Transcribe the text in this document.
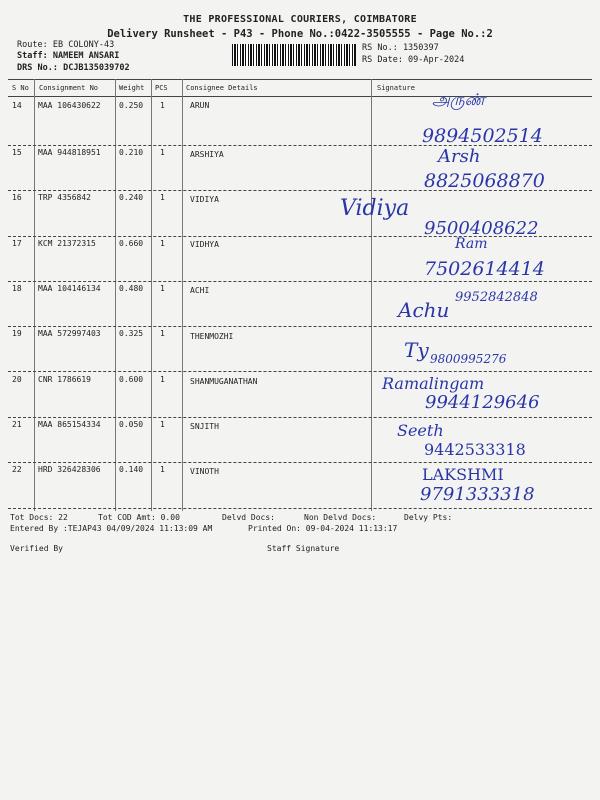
THE PROFESSIONAL COURIERS, COIMBATORE
Delivery Runsheet - P43 - Phone No.:0422-3505555 - Page No.:2
Route: EB COLONY-43
Staff: NAMEEM ANSARI
DRS No.: DCJB135039702
RS No.: 1350397
RS Date: 09-Apr-2024
S No Consignment No	Weight PCS	Consignee Details	Signature
14 MAA 106430622 0.250 1	ARUN	அருண்
9894502514
15 MAA 944818951 0.210 1	ARSHIYA	Arsh
8825068870
16 TRP 4356842	0.240 1	VIDIYA	Vidiya
9500408622
17 KCM 21372315	0.660 1	VIDHYA	Ram
7502614414
18 MAA 104146134 0.480 1	ACHI
Achu
9952842848
19 MAA 572997403 0.325 1	THENMOZHI
Ty 9800995276
20 CNR 1786619	0.600 1	SHANMUGANATHAN	Ramalingam
9944129646
21 MAA 865154334 0.050 1	SNJITH	Seeth
9442533318
22 HRD 326428306 0.140 1	VINOTH	LAKSHMI
9791333318
Tot Docs: 22	Tot COD Amt: 0.00	Delvd Docs:	Non Delvd Docs:	Delvy Pts:
Entered By :TEJAP43 04/09/2024 11:13:09 AM	Printed On: 09-04-2024 11:13:17
Verified By	Staff Signature
